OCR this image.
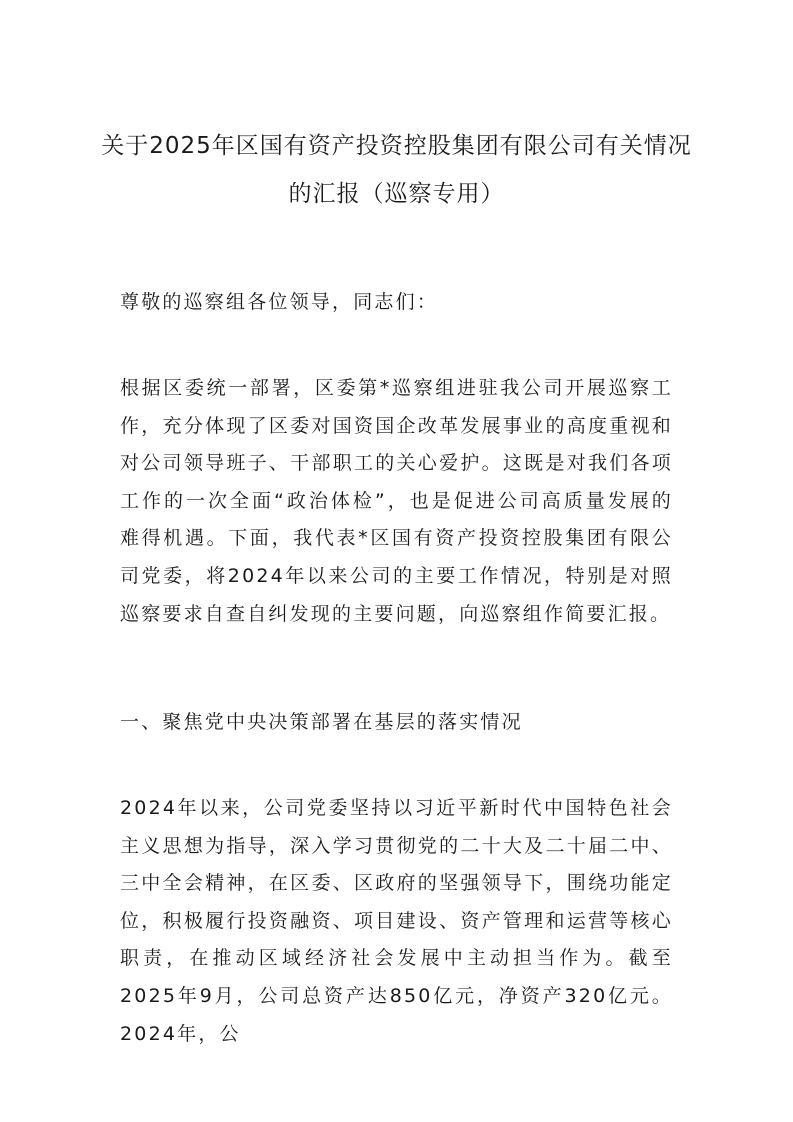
关于2025年区国有资产投资控股集团有限公司有关情况的汇报（巡察专用）

尊敬的巡察组各位领导，同志们：

根据区委统一部署，区委第*巡察组进驻我公司开展巡察工作，充分体现了区委对国资国企改革发展事业的高度重视和对公司领导班子、干部职工的关心爱护。这既是对我们各项工作的一次全面“政治体检”，也是促进公司高质量发展的难得机遇。下面，我代表*区国有资产投资控股集团有限公司党委，将2024年以来公司的主要工作情况，特别是对照巡察要求自查自纠发现的主要问题，向巡察组作简要汇报。

一、聚焦党中央决策部署在基层的落实情况

2024年以来，公司党委坚持以习近平新时代中国特色社会主义思想为指导，深入学习贯彻党的二十大及二十届二中、三中全会精神，在区委、区政府的坚强领导下，围绕功能定位，积极履行投资融资、项目建设、资产管理和运营等核心职责，在推动区域经济社会发展中主动担当作为。截至2025年9月，公司总资产达850亿元，净资产320亿元。2024年，公
